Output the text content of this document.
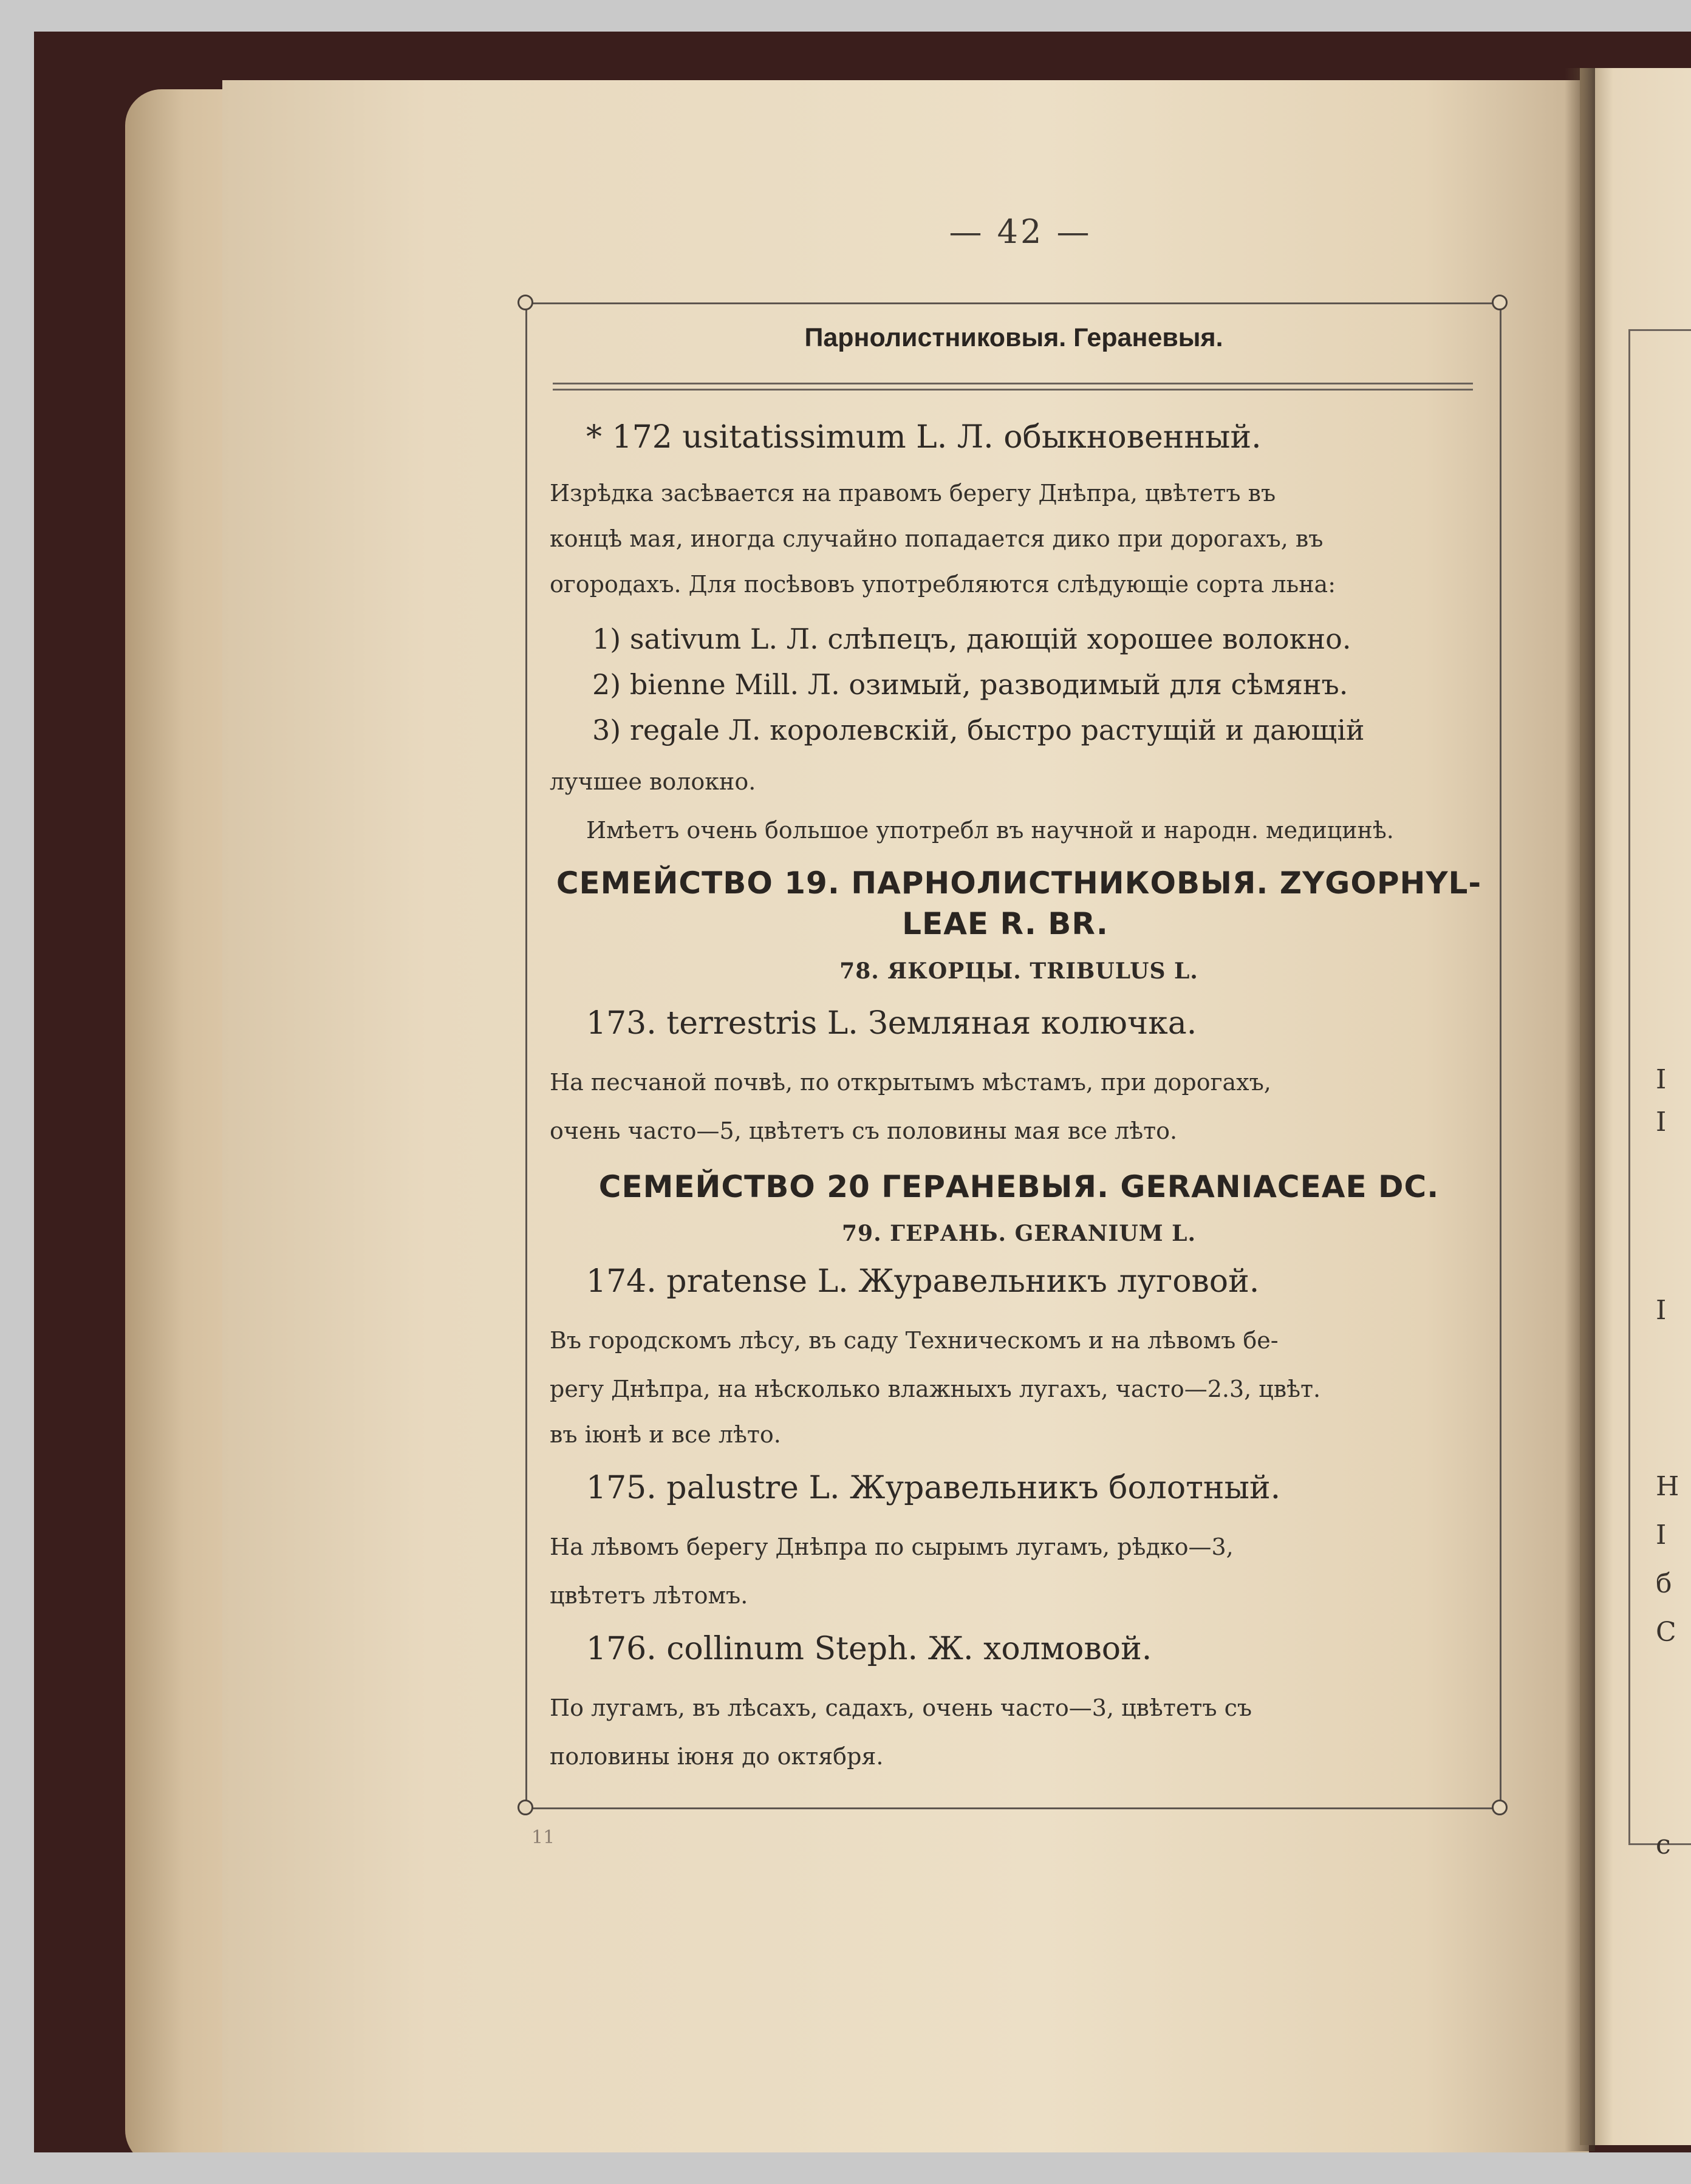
I
I
I
H
I
б
C
c
— 42 —
Парнолистниковыя. Гераневыя.
11
* 172 usitatissimum L. Л. обыкновенный.
Изрѣдка засѣвается на правомъ берегу Днѣпра, цвѣтетъ въ
концѣ мая, иногда случайно попадается дико при дорогахъ, въ
огородахъ. Для посѣвовъ употребляются слѣдующіе сорта льна:
1) sativum L. Л. слѣпецъ, дающій хорошее волокно.
2) bienne Mill. Л. озимый, разводимый для сѣмянъ.
3) regale Л. королевскій, быстро растущій и дающій
лучшее волокно.
Имѣетъ очень большое употребл въ научной и народн. медицинѣ.
СЕМЕЙСТВО 19. ПАРНОЛИСТНИКОВЫЯ. ZYGOPHYL-
LEAE R. BR.
78. ЯКОРЦЫ. TRIBULUS L.
173. terrestris L. Земляная колючка.
На песчаной почвѣ, по открытымъ мѣстамъ, при дорогахъ,
очень часто—5, цвѣтетъ съ половины мая все лѣто.
СЕМЕЙСТВО 20 ГЕРАНЕВЫЯ. GERANIACEAE DC.
79. ГЕРАНЬ. GERANIUM L.
174. pratense L. Журавельникъ луговой.
Въ городскомъ лѣсу, въ саду Техническомъ и на лѣвомъ бе-
регу Днѣпра, на нѣсколько влажныхъ лугахъ, часто—2.3, цвѣт.
въ іюнѣ и все лѣто.
175. palustre L. Журавельникъ болотный.
На лѣвомъ берегу Днѣпра по сырымъ лугамъ, рѣдко—3,
цвѣтетъ лѣтомъ.
176. collinum Steph. Ж. холмовой.
По лугамъ, въ лѣсахъ, садахъ, очень часто—3, цвѣтетъ съ
половины іюня до октября.
